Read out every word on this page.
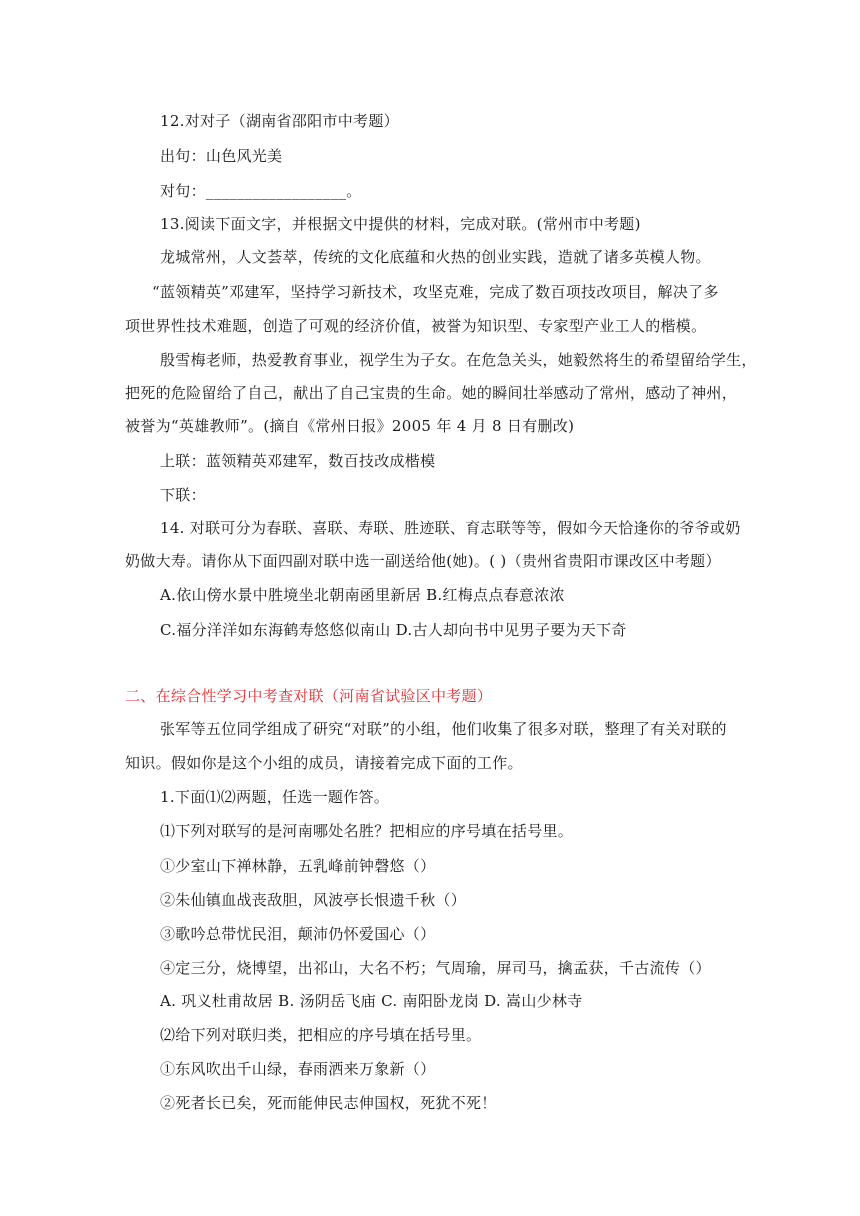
12.对对子（湖南省邵阳市中考题）
出句：山色风光美
对句：__________________。
13.阅读下面文字，并根据文中提供的材料，完成对联。(常州市中考题)
龙城常州，人文荟萃，传统的文化底蕴和火热的创业实践，造就了诸多英模人物。
“蓝领精英”邓建军，坚持学习新技术，攻坚克难，完成了数百项技改项目，解决了多
项世界性技术难题，创造了可观的经济价值，被誉为知识型、专家型产业工人的楷模。
殷雪梅老师，热爱教育事业，视学生为子女。在危急关头，她毅然将生的希望留给学生，
把死的危险留给了自己，献出了自己宝贵的生命。她的瞬间壮举感动了常州，感动了神州，
被誉为“英雄教师”。(摘自《常州日报》2005 年 4 月 8 日有删改)
上联：蓝领精英邓建军，数百技改成楷模
下联：
14. 对联可分为春联、喜联、寿联、胜迹联、育志联等等，假如今天恰逢你的爷爷或奶
奶做大寿。请你从下面四副对联中选一副送给他(她)。( )（贵州省贵阳市课改区中考题）
A.依山傍水景中胜境坐北朝南函里新居 B.红梅点点春意浓浓
C.福分洋洋如东海鹤寿悠悠似南山 D.古人却向书中见男子要为天下奇
二、在综合性学习中考查对联（河南省试验区中考题）
张军等五位同学组成了研究“对联”的小组，他们收集了很多对联，整理了有关对联的
知识。假如你是这个小组的成员，请接着完成下面的工作。
1.下面⑴⑵两题，任选一题作答。
⑴下列对联写的是河南哪处名胜？把相应的序号填在括号里。
①少室山下禅林静，五乳峰前钟磬悠（）
②朱仙镇血战丧敌胆，风波亭长恨遗千秋（）
③歌吟总带忧民泪，颠沛仍怀爱国心（）
④定三分，烧博望，出祁山，大名不朽；气周瑜，屏司马，擒孟获，千古流传（）
A. 巩义杜甫故居 B. 汤阴岳飞庙 C. 南阳卧龙岗 D. 嵩山少林寺
⑵给下列对联归类，把相应的序号填在括号里。
①东风吹出千山绿，春雨洒来万象新（）
②死者长已矣，死而能伸民志伸国权，死犹不死！
